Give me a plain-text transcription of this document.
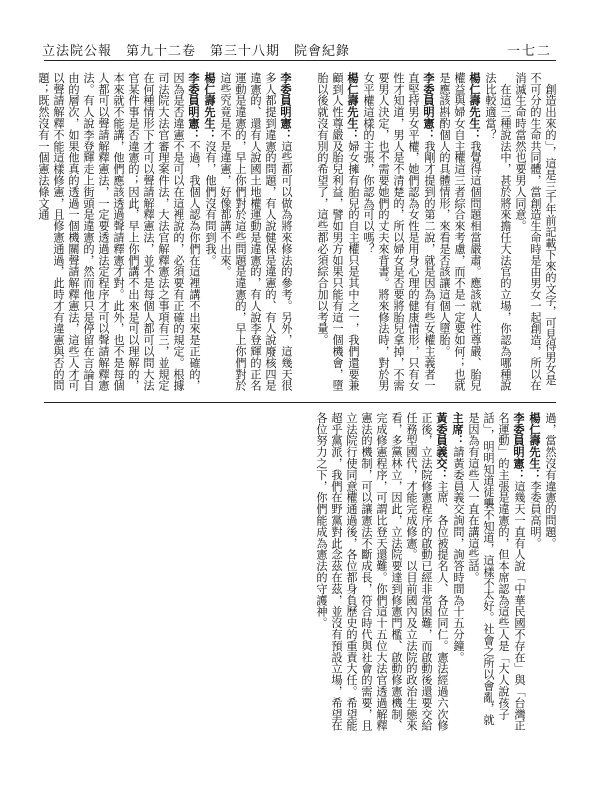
立法院公報　第九十二卷　第三十八期　院會紀錄	一七二
　創造出來的」，這是三千年前記載下來的文字，可見得男女是不可分的生命共同體，當創造生命時是由男女一起創造，所以在消滅生命時當然也要男人同意。
　在這三種說法中，甚於將來擔任大法官的立場，你認為哪種說法比較適當？
楊仁壽先生：我覺得這個問題相當嚴肅。應該就人性尊嚴、胎兒權益與婦女自主權這三者綜合來考慮，而不是一定要如何；也就是應該斟酌個人的具體情形，來看是否該讓這個人墮胎。
李委員明憲：我剛才提到的第二說，就是因為有些女權主義者一直堅持男女平權，她們認為女性是用身心理的健康情形，只有女性才知道，男人是不清楚的，所以婦女是否要將胎兒拿掉，不需要男人決定，也不需要她們的丈夫來背書。將來修法時，對於男女平權這樣的主張，你認為可以嗎？
楊仁壽先生：婦女擁有胎兒的自主權只是其中之一，我們還要兼顧到人性尊嚴及胎兒利益，譬如男方如果只能有這一個機會，墮胎以後就沒有別的希望了，這些都必須綜合加以考量。
李委員明憲：這些都可以做為將來修法的參考。另外，這幾天很多人都提到違憲的問題，有人說健保是違憲的、有人說廢核四是違憲的、還有人說國土地權運動是違憲的，有人說李登輝的正名運動是違憲的，早上你們對於這些問題是違憲的，早上你們對於這些究竟是不是違憲，好像都講不出來。
楊仁壽先生：沒有，他們沒有問到我。
李委員明憲：不過，我個人認為你們在這裡講不出來是正確的，因為是否違憲不是可以在這裡說的，必須要有正確的規定。根據司法院大法官審理案件法，大法官解釋憲法之事項有三，並規定在何種情形下才可以聲請解釋憲法，並不是每個人都可以問大法官某件事是否違憲的；因此，早上你們講不出來是可以理解的，本來就不能講，他們應該透過聲請釋憲才對。此外，也不是每個人都可以聲請解釋憲法，一定要透過法定程序才可以聲請解釋憲法。有人說李登輝走上街頭是違憲的，然而他只是停留在言論自由的層次，如果他真的透過一個機關聲請解釋憲法，這些人才可以聲請解釋不能這樣修憲，且修憲通過，此時才有違憲與否的問題；既然沒有一個憲法條文通
過，當然沒有違憲的問題。
楊仁壽先生：李委員高明。
李委員明憲：這幾天一直有人說「中華民國不存在」與「台灣正名運動」的主張是違憲的，但本席認為這些人是「大人說孩子話」，明明知道徒襲不知道，這樣不太好。社會之所以會亂，就是因為有這些人一直在講這些話。
主席：請黃委員義交詢問，詢答時間為十五分鐘。
黃委員義交：主席、各位被提名人、各位同仁。憲法經過六次修正後，立法院修憲程序的啟動已經非常困難，而啟動後還要交給任務型國代，才能完成修憲。以目前國內及立法院的政治生態來看，多黨林立，因此，立法院要達到修憲門檻、啟動修憲機制、完成修憲程序，可謂比登天還難。你們這十五位大法官透過解釋憲法的機制，可以讓憲法不斷成長，符合時代與社會的需要，且立法院行使同意權通過後，各位都身負歷史的重責大任。希望能超乎黨派，我們在野黨對此念茲在茲，並沒有預設立場，希望在各位努力之下，你們能成為憲法的守護神。
